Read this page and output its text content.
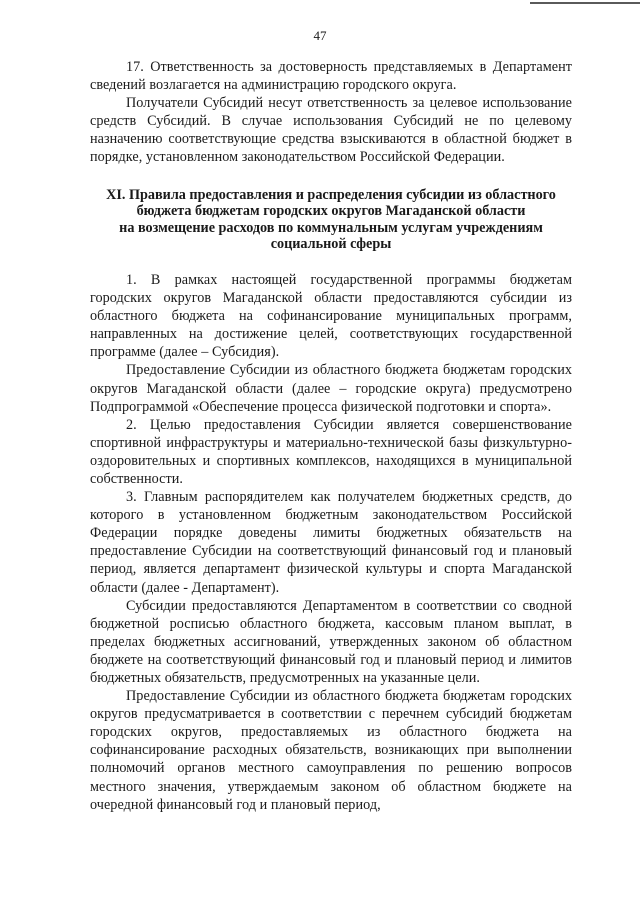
47

17. Ответственность за достоверность представляемых в Департамент сведений возлагается на администрацию городского округа.

Получатели Субсидий несут ответственность за целевое использование средств Субсидий. В случае использования Субсидий не по целевому назначению соответствующие средства взыскиваются в областной бюджет в порядке, установленном законодательством Российской Федерации.

XI. Правила предоставления и распределения субсидии из областного
бюджета бюджетам городских округов Магаданской области
на возмещение расходов по коммунальным услугам учреждениям
социальной сферы

1. В рамках настоящей государственной программы бюджетам городских округов Магаданской области предоставляются субсидии из областного бюджета на софинансирование муниципальных программ, направленных на достижение целей, соответствующих государственной программе (далее – Субсидия).

Предоставление Субсидии из областного бюджета бюджетам городских округов Магаданской области (далее – городские округа) предусмотрено Подпрограммой «Обеспечение процесса физической подготовки и спорта».

2. Целью предоставления Субсидии является совершенствование спортивной инфраструктуры и материально-технической базы физкультурно-оздоровительных и спортивных комплексов, находящихся в муниципальной собственности.

3. Главным распорядителем как получателем бюджетных средств, до которого в установленном бюджетным законодательством Российской Федерации порядке доведены лимиты бюджетных обязательств на предоставление Субсидии на соответствующий финансовый год и плановый период, является департамент физической культуры и спорта Магаданской области (далее - Департамент).

Субсидии предоставляются Департаментом в соответствии со сводной бюджетной росписью областного бюджета, кассовым планом выплат, в пределах бюджетных ассигнований, утвержденных законом об областном бюджете на соответствующий финансовый год и плановый период и лимитов бюджетных обязательств, предусмотренных на указанные цели.

Предоставление Субсидии из областного бюджета бюджетам городских округов предусматривается в соответствии с перечнем субсидий бюджетам городских округов, предоставляемых из областного бюджета на софинансирование расходных обязательств, возникающих при выполнении полномочий органов местного самоуправления по решению вопросов местного значения, утверждаемым законом об областном бюджете на очередной финансовый год и плановый период,
